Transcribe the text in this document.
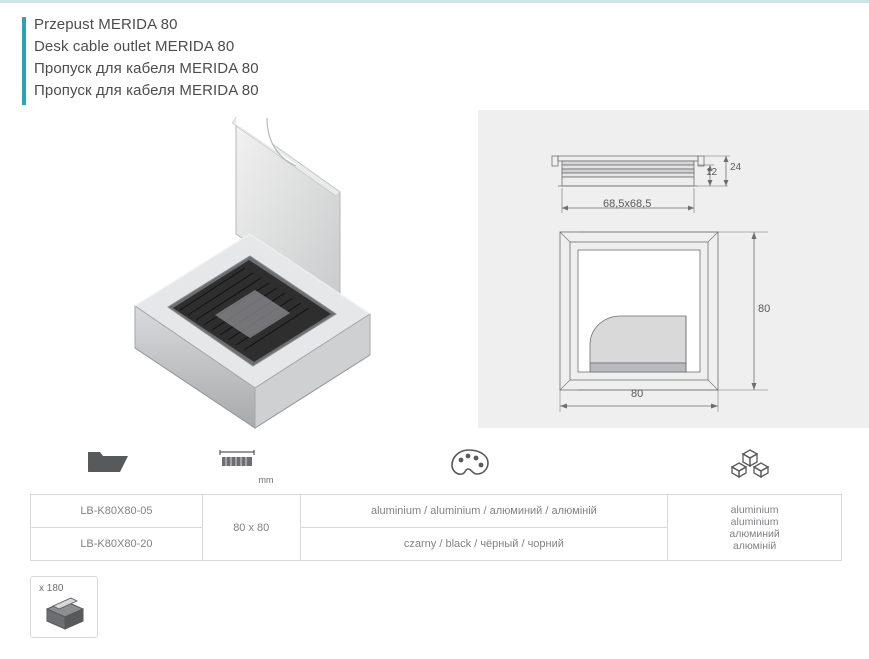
Przepust MERIDA 80
Desk cable outlet MERIDA 80
Пропуск для кабеля MERIDA 80
Пропуск для кабеля MERIDA 80
68,5x68,5
12 24
80
80
mm
LB-K80X80-05	80 x 80	aluminium / aluminium / алюминий / алюміній	aluminium
aluminium
алюминий
алюміній

LB-K80X80-20		czarny / black / чёрный / чорний	
x 180
